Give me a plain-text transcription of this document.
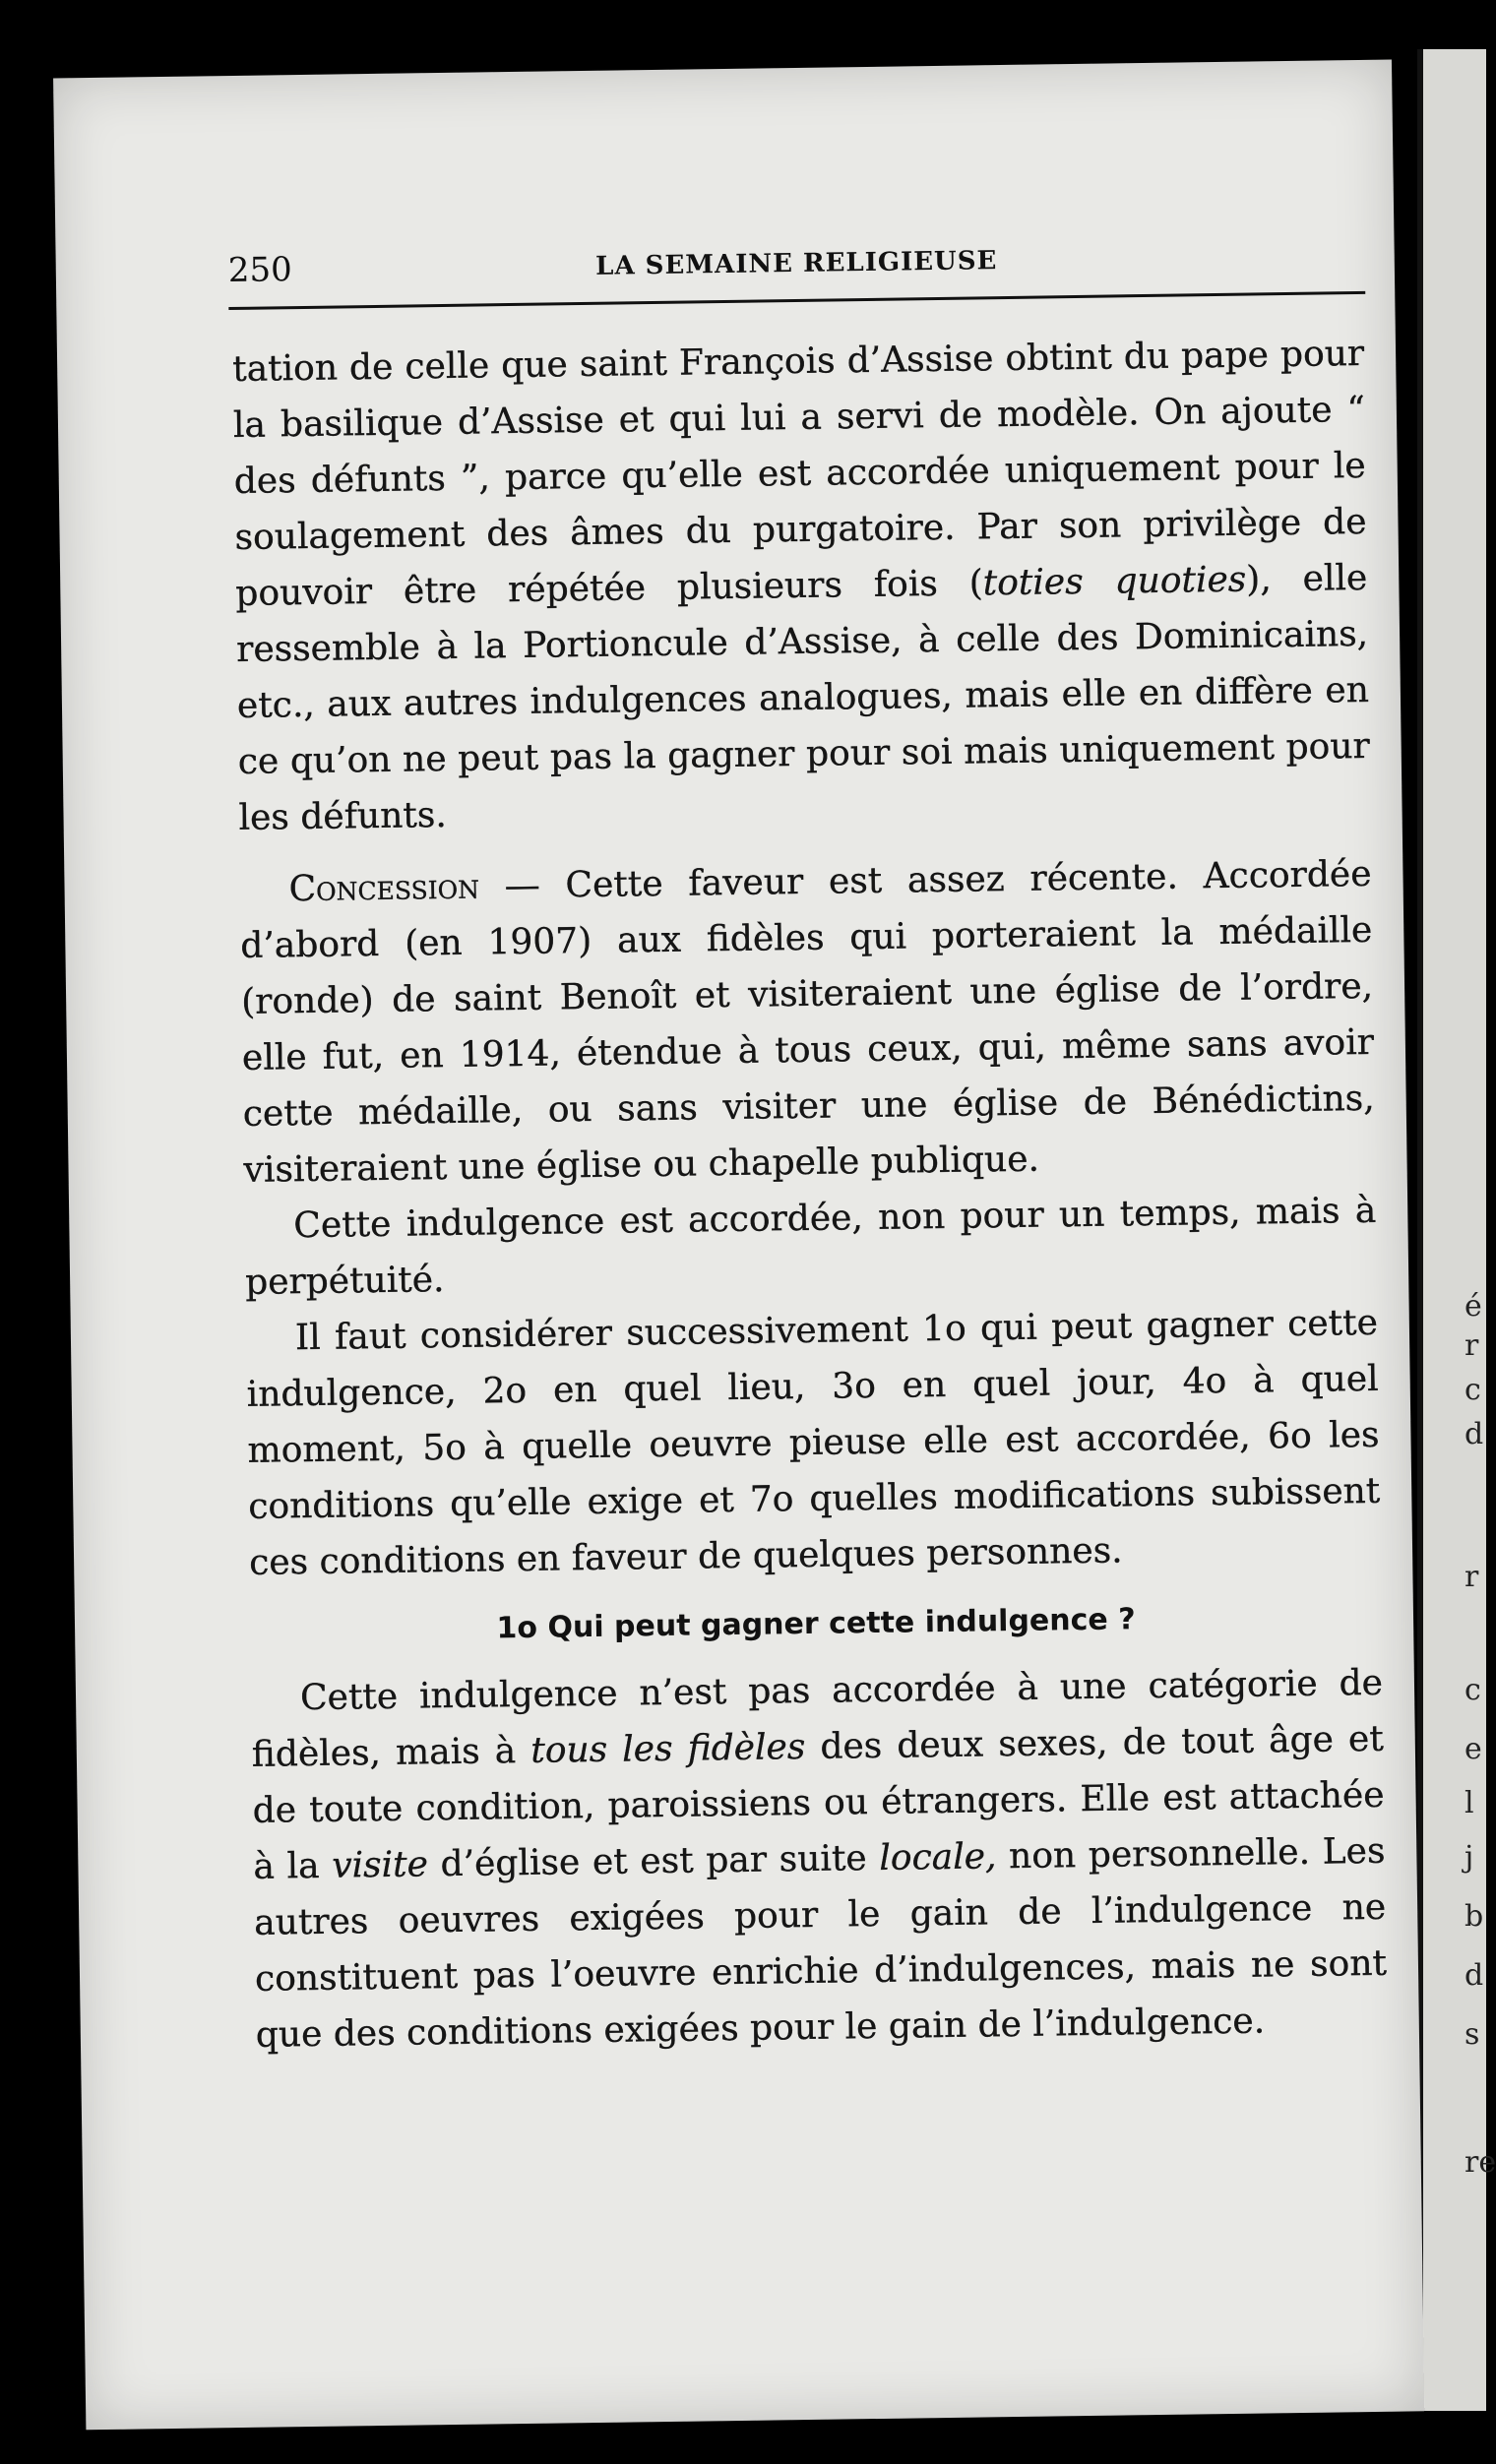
é
r
c
d
r
c
e
l
j
b
d
s
re
250	LA SEMAINE RELIGIEUSE

tation de celle que saint François d’Assise obtint du pape pour la basilique d’Assise et qui lui a servi de modèle. On ajoute “ des défunts ”, parce qu’elle est accordée uniquement pour le soulagement des âmes du purgatoire. Par son privilège de pouvoir être répétée plusieurs fois (toties quoties), elle ressemble à la Portioncule d’Assise, à celle des Dominicains, etc., aux autres indulgences analogues, mais elle en diffère en ce qu’on ne peut pas la gagner pour soi mais uniquement pour les défunts.

Concession — Cette faveur est assez récente. Accordée d’abord (en 1907) aux fidèles qui porteraient la médaille (ronde) de saint Benoît et visiteraient une église de l’ordre, elle fut, en 1914, étendue à tous ceux, qui, même sans avoir cette médaille, ou sans visiter une église de Bénédictins, visiteraient une église ou chapelle publique.

Cette indulgence est accordée, non pour un temps, mais à perpétuité.

Il faut considérer successivement 1o qui peut gagner cette indulgence, 2o en quel lieu, 3o en quel jour, 4o à quel moment, 5o à quelle oeuvre pieuse elle est accordée, 6o les conditions qu’elle exige et 7o quelles modifications subissent ces conditions en faveur de quelques personnes.

1o Qui peut gagner cette indulgence ?

Cette indulgence n’est pas accordée à une catégorie de fidèles, mais à tous les fidèles des deux sexes, de tout âge et de toute condition, paroissiens ou étrangers. Elle est attachée à la visite d’église et est par suite locale, non personnelle. Les autres oeuvres exigées pour le gain de l’indulgence ne constituent pas l’oeuvre enrichie d’indulgences, mais ne sont que des conditions exigées pour le gain de l’indulgence.
